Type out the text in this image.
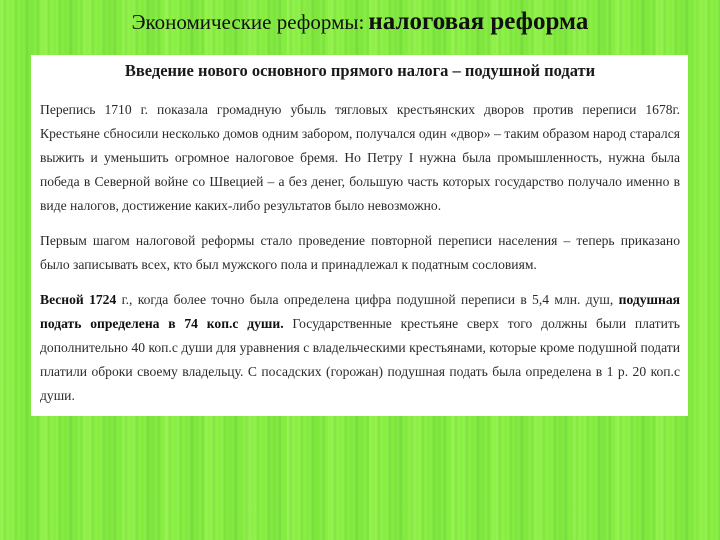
Экономические реформы: налоговая реформа
Введение нового основного прямого налога – подушной подати

Перепись 1710 г. показала громадную убыль тягловых крестьянских дворов против переписи 1678г. Крестьяне сбносили несколько домов одним забором, получался один «двор» – таким образом народ старался выжить и уменьшить огромное налоговое бремя. Но Петру I нужна была промышленность, нужна была победа в Северной войне со Швецией – а без денег, большую часть которых государство получало именно в виде налогов, достижение каких-либо результатов было невозможно.

Первым шагом налоговой реформы стало проведение повторной переписи населения – теперь приказано было записывать всех, кто был мужского пола и принадлежал к податным сословиям.

Весной 1724 г., когда более точно была определена цифра подушной переписи в 5,4 млн. душ, подушная подать определена в 74 коп.с души. Государственные крестьяне сверх того должны были платить дополнительно 40 коп.с души для уравнения с владельческими крестьянами, которые кроме подушной подати платили оброки своему владельцу. С посадских (горожан) подушная подать была определена в 1 р. 20 коп.с души.
